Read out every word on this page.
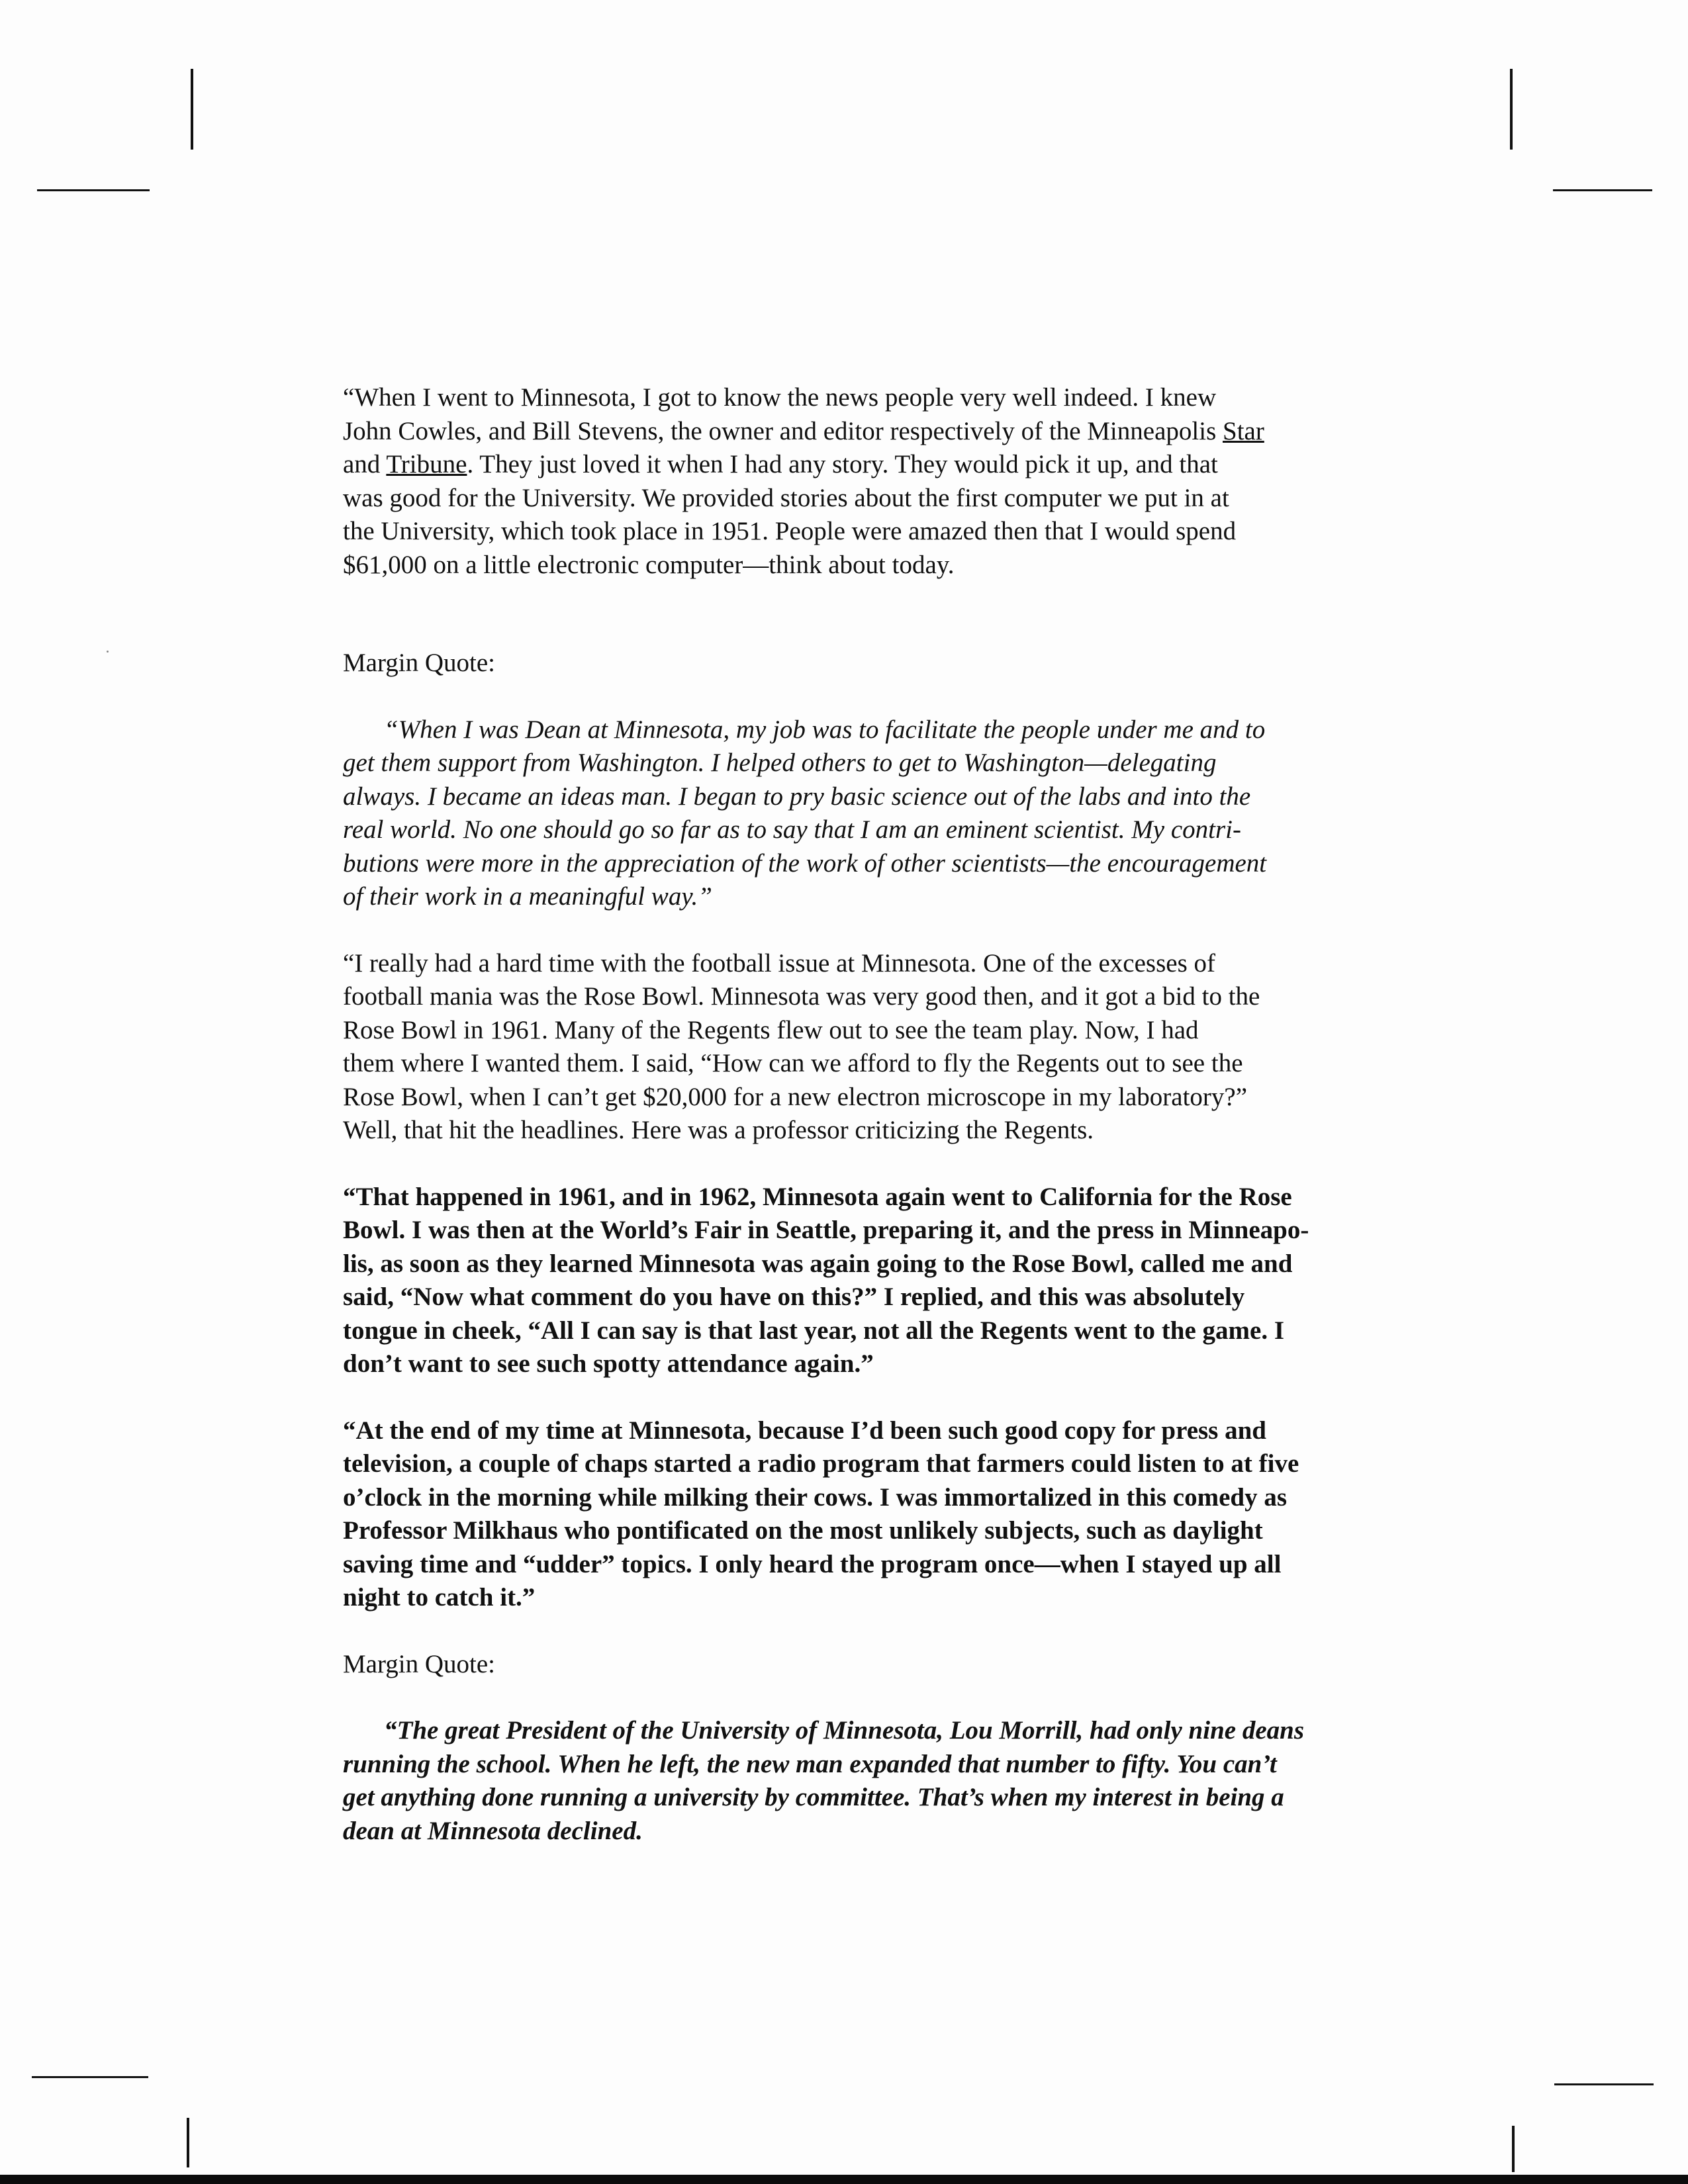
“When I went to Minnesota, I got to know the news people very well indeed. I knew
John Cowles, and Bill Stevens, the owner and editor respectively of the Minneapolis Star
and Tribune. They just loved it when I had any story. They would pick it up, and that
was good for the University. We provided stories about the first computer we put in at
the University, which took place in 1951. People were amazed then that I would spend
$61,000 on a little electronic computer—think about today.

Margin Quote:

“When I was Dean at Minnesota, my job was to facilitate the people under me and to
get them support from Washington. I helped others to get to Washington—delegating
always. I became an ideas man. I began to pry basic science out of the labs and into the
real world. No one should go so far as to say that I am an eminent scientist. My contri-
butions were more in the appreciation of the work of other scientists—the encouragement
of their work in a meaningful way.”

“I really had a hard time with the football issue at Minnesota. One of the excesses of
football mania was the Rose Bowl. Minnesota was very good then, and it got a bid to the
Rose Bowl in 1961. Many of the Regents flew out to see the team play. Now, I had
them where I wanted them. I said, “How can we afford to fly the Regents out to see the
Rose Bowl, when I can’t get $20,000 for a new electron microscope in my laboratory?”
Well, that hit the headlines. Here was a professor criticizing the Regents.

“That happened in 1961, and in 1962, Minnesota again went to California for the Rose
Bowl. I was then at the World’s Fair in Seattle, preparing it, and the press in Minneapo-
lis, as soon as they learned Minnesota was again going to the Rose Bowl, called me and
said, “Now what comment do you have on this?” I replied, and this was absolutely
tongue in cheek, “All I can say is that last year, not all the Regents went to the game. I
don’t want to see such spotty attendance again.”

“At the end of my time at Minnesota, because I’d been such good copy for press and
television, a couple of chaps started a radio program that farmers could listen to at five
o’clock in the morning while milking their cows. I was immortalized in this comedy as
Professor Milkhaus who pontificated on the most unlikely subjects, such as daylight
saving time and “udder” topics. I only heard the program once—when I stayed up all
night to catch it.”

Margin Quote:

“The great President of the University of Minnesota, Lou Morrill, had only nine deans
running the school. When he left, the new man expanded that number to fifty. You can’t
get anything done running a university by committee. That’s when my interest in being a
dean at Minnesota declined.
